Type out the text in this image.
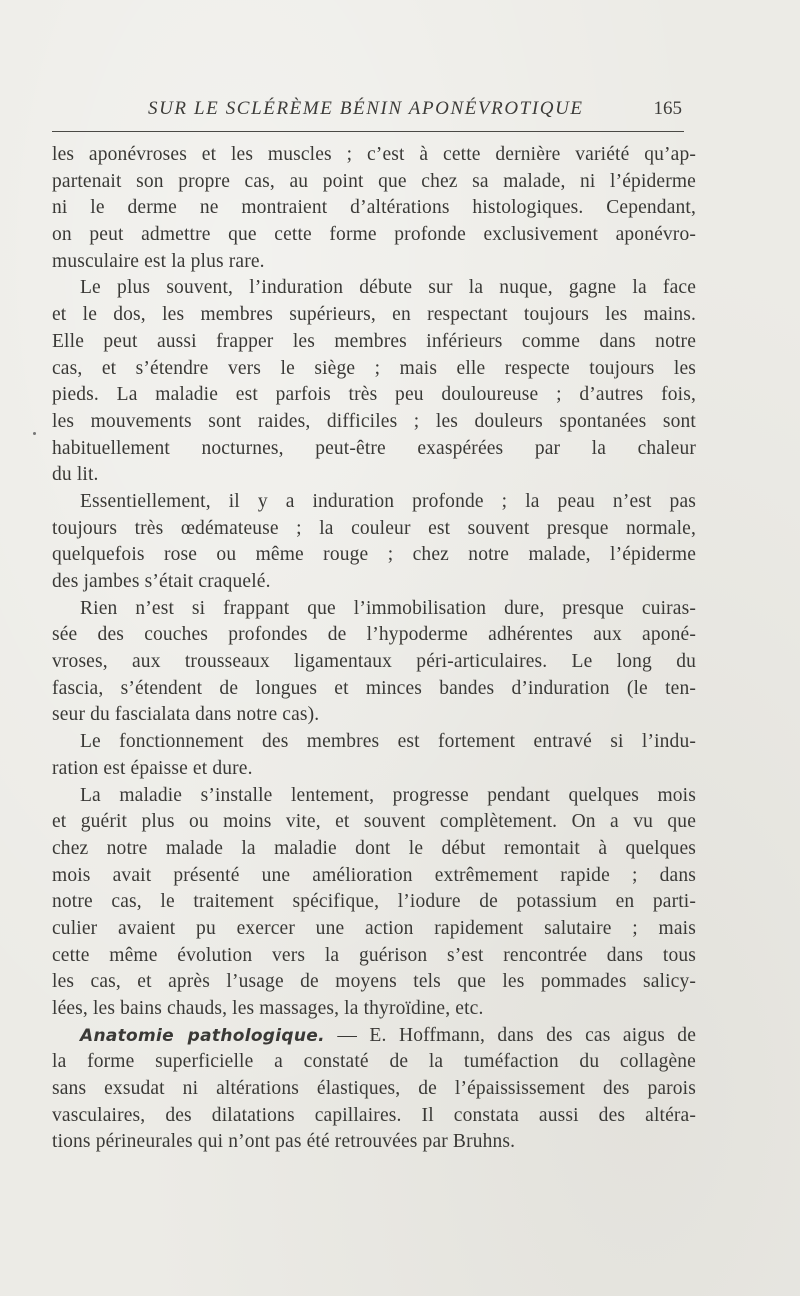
SUR LE SCLÉRÈME BÉNIN APONÉVROTIQUE	165
les aponévroses et les muscles ; c’est à cette dernière variété qu’ap-
partenait son propre cas, au point que chez sa malade, ni l’épiderme
ni le derme ne montraient d’altérations histologiques. Cependant,
on peut admettre que cette forme profonde exclusivement aponévro-
musculaire est la plus rare.
Le plus souvent, l’induration débute sur la nuque, gagne la face
et le dos, les membres supérieurs, en respectant toujours les mains.
Elle peut aussi frapper les membres inférieurs comme dans notre
cas, et s’étendre vers le siège ; mais elle respecte toujours les
pieds. La maladie est parfois très peu douloureuse ; d’autres fois,
les mouvements sont raides, difficiles ; les douleurs spontanées sont
habituellement nocturnes, peut-être exaspérées par la chaleur
du lit.
Essentiellement, il y a induration profonde ; la peau n’est pas
toujours très œdémateuse ; la couleur est souvent presque normale,
quelquefois rose ou même rouge ; chez notre malade, l’épiderme
des jambes s’était craquelé.
Rien n’est si frappant que l’immobilisation dure, presque cuiras-
sée des couches profondes de l’hypoderme adhérentes aux aponé-
vroses, aux trousseaux ligamentaux péri-articulaires. Le long du
fascia, s’étendent de longues et minces bandes d’induration (le ten-
seur du fascialata dans notre cas).
Le fonctionnement des membres est fortement entravé si l’indu-
ration est épaisse et dure.
La maladie s’installe lentement, progresse pendant quelques mois
et guérit plus ou moins vite, et souvent complètement. On a vu que
chez notre malade la maladie dont le début remontait à quelques
mois avait présenté une amélioration extrêmement rapide ; dans
notre cas, le traitement spécifique, l’iodure de potassium en parti-
culier avaient pu exercer une action rapidement salutaire ; mais
cette même évolution vers la guérison s’est rencontrée dans tous
les cas, et après l’usage de moyens tels que les pommades salicy-
lées, les bains chauds, les massages, la thyroïdine, etc.
Anatomie pathologique. — E. Hoffmann, dans des cas aigus de
la forme superficielle a constaté de la tuméfaction du collagène
sans exsudat ni altérations élastiques, de l’épaississement des parois
vasculaires, des dilatations capillaires. Il constata aussi des altéra-
tions périneurales qui n’ont pas été retrouvées par Bruhns.
